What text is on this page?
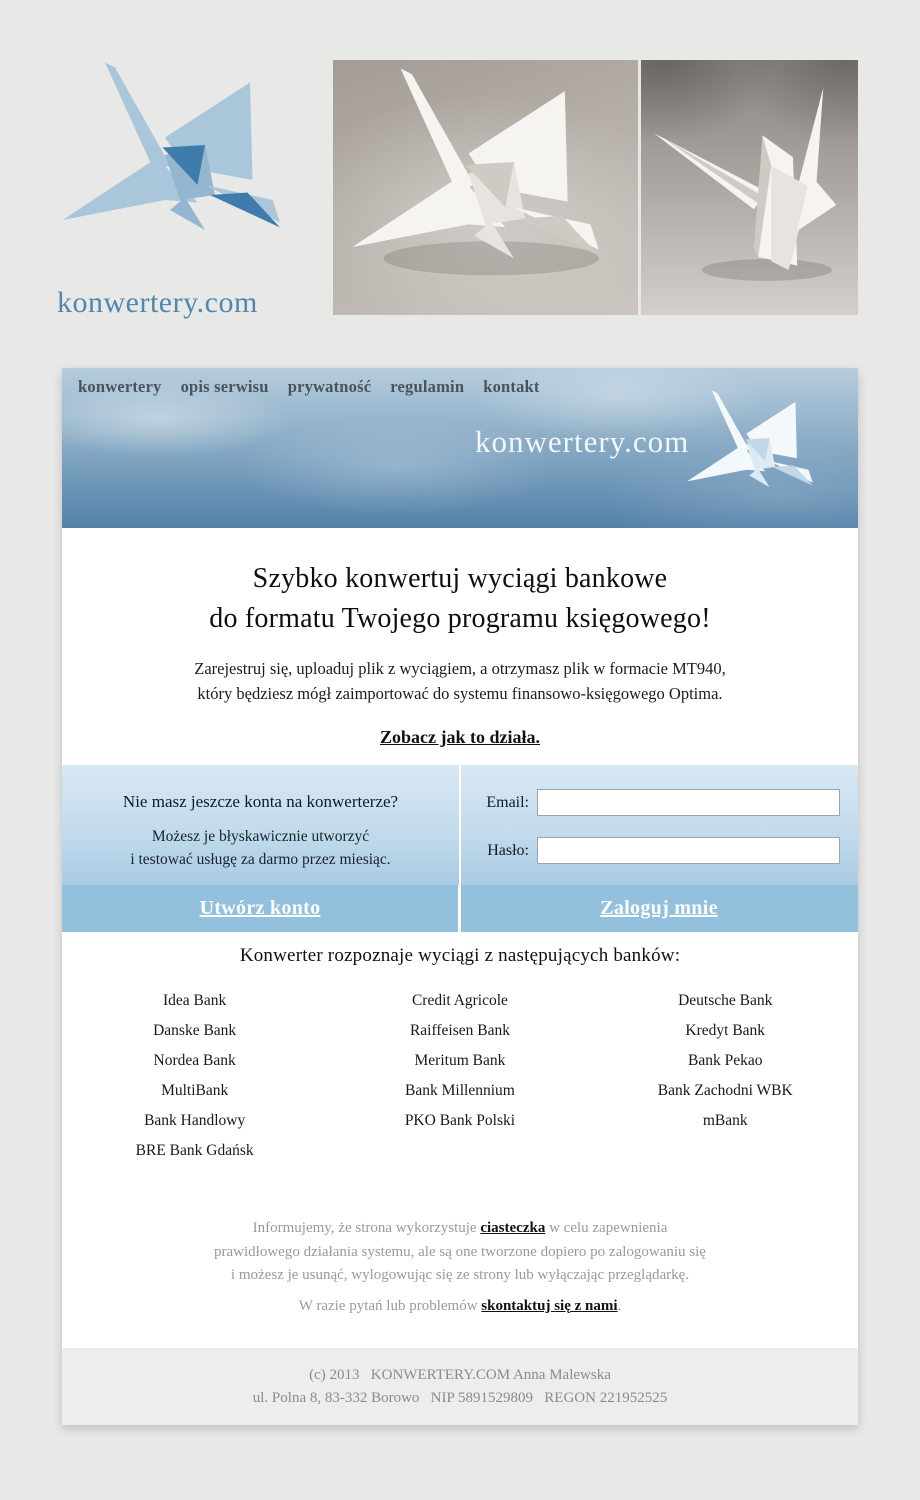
konwertery.com
konwertery opis serwisu prywatność regulamin kontakt
konwertery.com
Szybko konwertuj wyciągi bankowe
do formatu Twojego programu księgowego!

Zarejestruj się, uploaduj plik z wyciągiem, a otrzymasz plik w formacie MT940,
który będziesz mógł zaimportować do systemu finansowo-księgowego Optima.

Zobacz jak to działa.
Nie masz jeszcze konta na konwerterze?
Możesz je błyskawicznie utworzyć
i testować usługę za darmo przez miesiąc.
Email:
Hasło:
Utwórz konto	Zaloguj mnie
Konwerter rozpoznaje wyciągi z następujących banków:
Idea Bank
Danske Bank
Nordea Bank
MultiBank
Bank Handlowy
BRE Bank Gdańsk
Credit Agricole
Raiffeisen Bank
Meritum Bank
Bank Millennium
PKO Bank Polski
Deutsche Bank
Kredyt Bank
Bank Pekao
Bank Zachodni WBK
mBank
Informujemy, że strona wykorzystuje ciasteczka w celu zapewnienia
prawidłowego działania systemu, ale są one tworzone dopiero po zalogowaniu się
i możesz je usunąć, wylogowując się ze strony lub wyłączając przeglądarkę.
W razie pytań lub problemów skontaktuj się z nami.
(c) 2013   KONWERTERY.COM Anna Malewska
ul. Polna 8, 83-332 Borowo   NIP 5891529809   REGON 221952525
